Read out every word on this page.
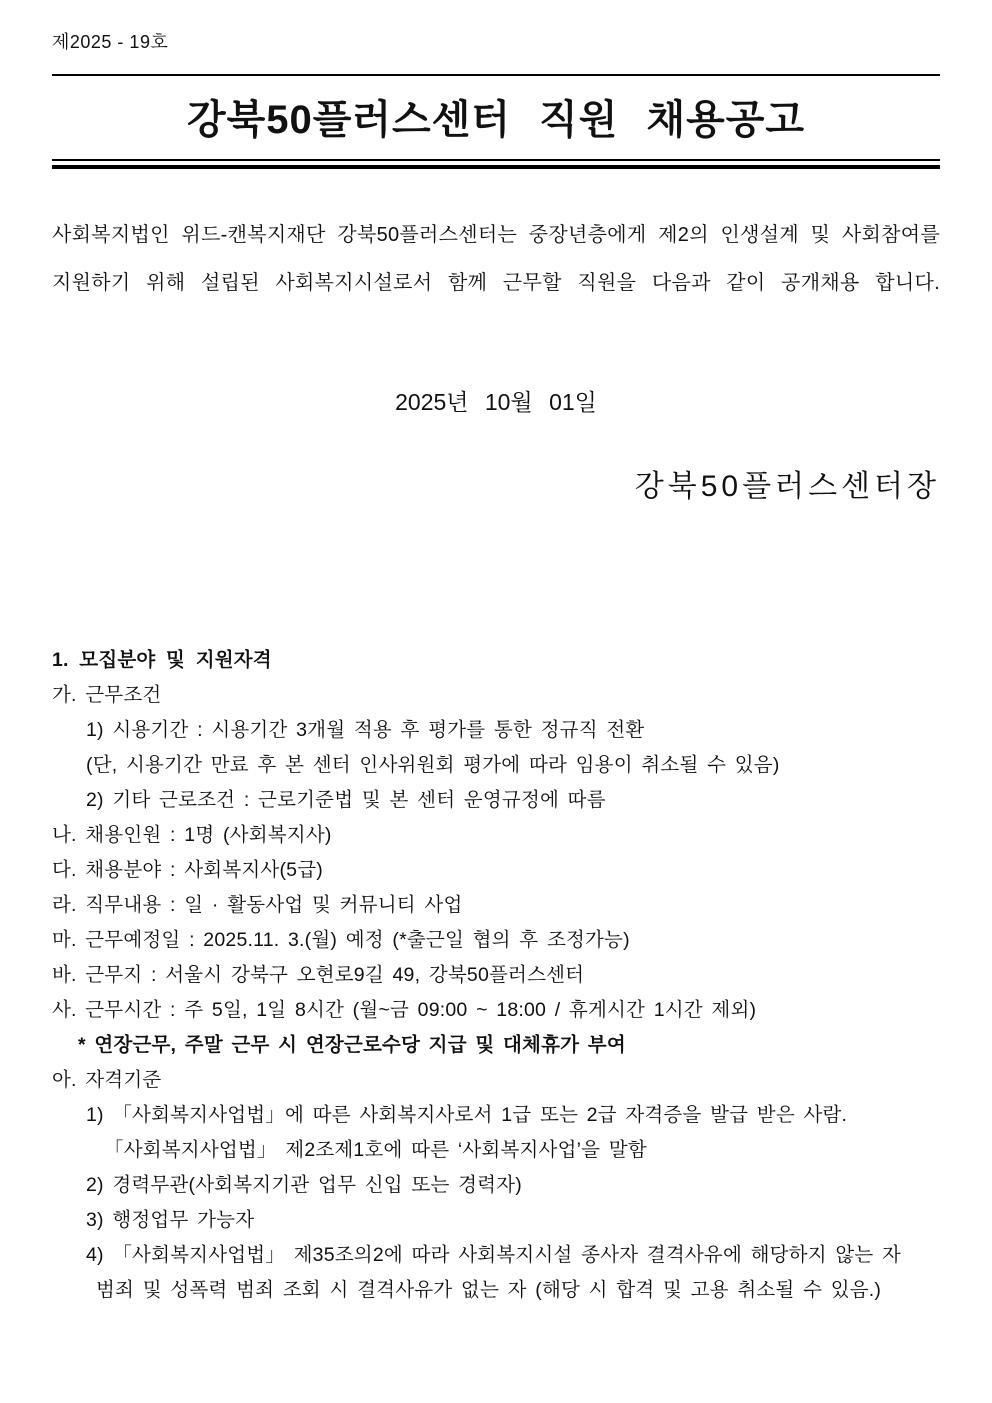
제2025 - 19호
강북50플러스센터 직원 채용공고

사회복지법인 위드-캔복지재단 강북50플러스센터는 중장년층에게 제2의 인생설계 및 사회참여를 지원하기 위해 설립된 사회복지시설로서 함께 근무할 직원을 다음과 같이 공개채용 합니다.

2025년 10월 01일
강북50플러스센터장
1. 모집분야 및 지원자격
가. 근무조건
1) 시용기간 : 시용기간 3개월 적용 후 평가를 통한 정규직 전환
(단, 시용기간 만료 후 본 센터 인사위원회 평가에 따라 임용이 취소될 수 있음)
2) 기타 근로조건 : 근로기준법 및 본 센터 운영규정에 따름
나. 채용인원 : 1명 (사회복지사)
다. 채용분야 : 사회복지사(5급)
라. 직무내용 : 일 · 활동사업 및 커뮤니티 사업
마. 근무예정일 : 2025.11. 3.(월) 예정 (*출근일 협의 후 조정가능)
바. 근무지 : 서울시 강북구 오현로9길 49, 강북50플러스센터
사. 근무시간 : 주 5일, 1일 8시간 (월~금 09:00 ~ 18:00 / 휴게시간 1시간 제외)
* 연장근무, 주말 근무 시 연장근로수당 지급 및 대체휴가 부여
아. 자격기준
1) 「사회복지사업법」에 따른 사회복지사로서 1급 또는 2급 자격증을 발급 받은 사람.
「사회복지사업법」 제2조제1호에 따른 ‘사회복지사업’을 말함
2) 경력무관(사회복지기관 업무 신입 또는 경력자)
3) 행정업무 가능자
4) 「사회복지사업법」 제35조의2에 따라 사회복지시설 종사자 결격사유에 해당하지 않는 자
범죄 및 성폭력 범죄 조회 시 결격사유가 없는 자 (해당 시 합격 및 고용 취소될 수 있음.)
